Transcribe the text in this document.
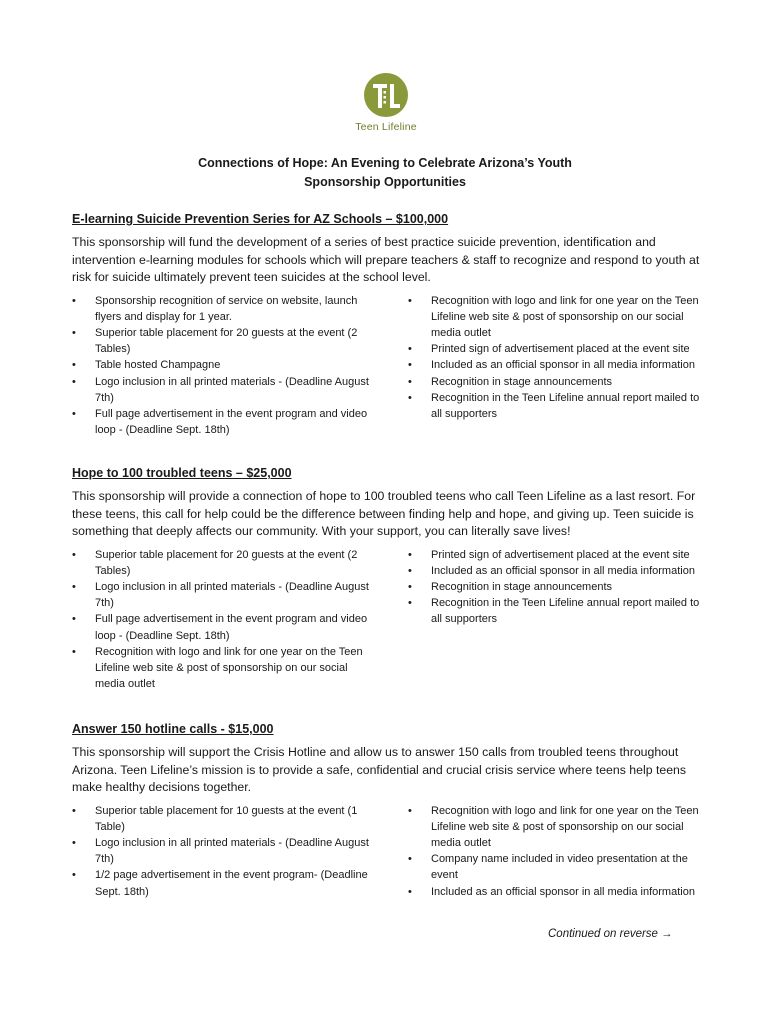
Teen Lifeline
Connections of Hope: An Evening to Celebrate Arizona’s Youth
Sponsorship Opportunities

E-learning Suicide Prevention Series for AZ Schools – $100,000

This sponsorship will fund the development of a series of best practice suicide prevention, identification and intervention e-learning modules for schools which will prepare teachers & staff to recognize and respond to youth at risk for suicide ultimately prevent teen suicides at the school level.

• Sponsorship recognition of service on website, launch flyers and display for 1 year.
• Superior table placement for 20 guests at the event (2 Tables)
• Table hosted Champagne
• Logo inclusion in all printed materials - (Deadline August 7th)
• Full page advertisement in the event program and video loop - (Deadline Sept. 18th)
• Recognition with logo and link for one year on the Teen Lifeline web site & post of sponsorship on our social media outlet
• Printed sign of advertisement placed at the event site
• Included as an official sponsor in all media information
• Recognition in stage announcements
• Recognition in the Teen Lifeline annual report mailed to all supporters

Hope to 100 troubled teens – $25,000

This sponsorship will provide a connection of hope to 100 troubled teens who call Teen Lifeline as a last resort. For these teens, this call for help could be the difference between finding help and hope, and giving up. Teen suicide is something that deeply affects our community. With your support, you can literally save lives!

• Superior table placement for 20 guests at the event (2 Tables)
• Logo inclusion in all printed materials - (Deadline August 7th)
• Full page advertisement in the event program and video loop - (Deadline Sept. 18th)
• Recognition with logo and link for one year on the Teen Lifeline web site & post of sponsorship on our social media outlet
• Printed sign of advertisement placed at the event site
• Included as an official sponsor in all media information
• Recognition in stage announcements
• Recognition in the Teen Lifeline annual report mailed to all supporters

Answer 150 hotline calls - $15,000

This sponsorship will support the Crisis Hotline and allow us to answer 150 calls from troubled teens throughout Arizona. Teen Lifeline’s mission is to provide a safe, confidential and crucial crisis service where teens help teens make healthy decisions together.

• Superior table placement for 10 guests at the event (1 Table)
• Logo inclusion in all printed materials - (Deadline August 7th)
• 1/2 page advertisement in the event program- (Deadline Sept. 18th)
• Recognition with logo and link for one year on the Teen Lifeline web site & post of sponsorship on our social media outlet
• Company name included in video presentation at the event
• Included as an official sponsor in all media information
Continued on reverse →
